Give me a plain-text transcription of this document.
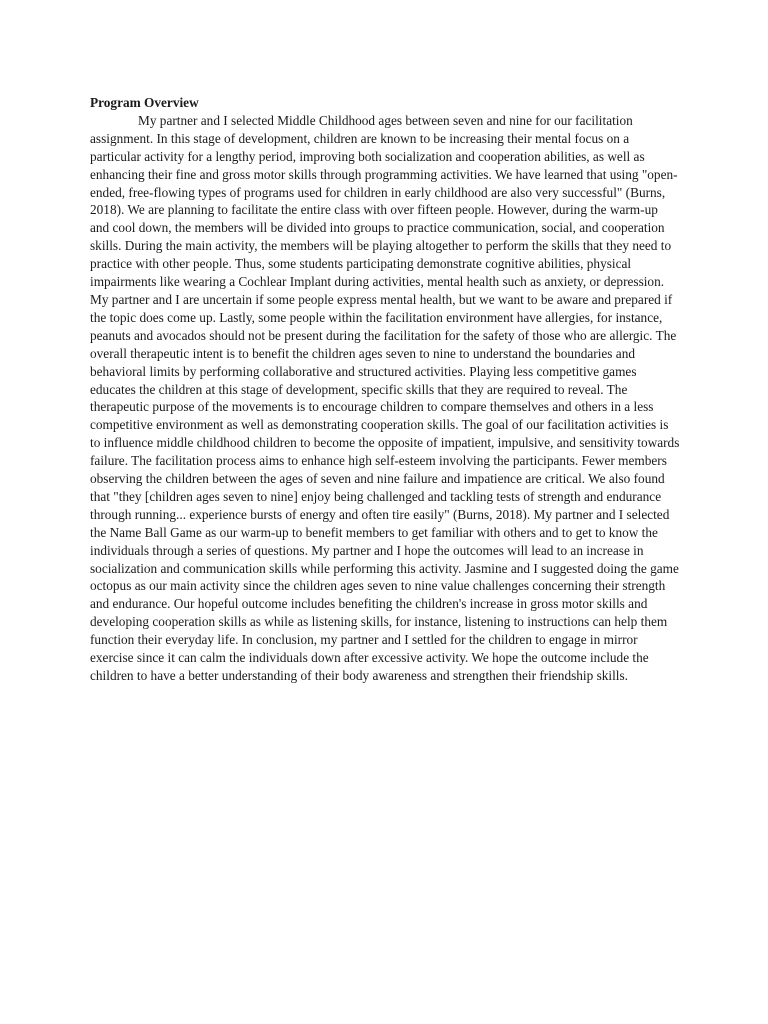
Program Overview

My partner and I selected Middle Childhood ages between seven and nine for our facilitation assignment. In this stage of development, children are known to be increasing their mental focus on a particular activity for a lengthy period, improving both socialization and cooperation abilities, as well as enhancing their fine and gross motor skills through programming activities. We have learned that using "open-ended, free-flowing types of programs used for children in early childhood are also very successful" (Burns, 2018). We are planning to facilitate the entire class with over fifteen people. However, during the warm-up and cool down, the members will be divided into groups to practice communication, social, and cooperation skills. During the main activity, the members will be playing altogether to perform the skills that they need to practice with other people. Thus, some students participating demonstrate cognitive abilities, physical impairments like wearing a Cochlear Implant during activities, mental health such as anxiety, or depression. My partner and I are uncertain if some people express mental health, but we want to be aware and prepared if the topic does come up. Lastly, some people within the facilitation environment have allergies, for instance, peanuts and avocados should not be present during the facilitation for the safety of those who are allergic. The overall therapeutic intent is to benefit the children ages seven to nine to understand the boundaries and behavioral limits by performing collaborative and structured activities. Playing less competitive games educates the children at this stage of development, specific skills that they are required to reveal. The therapeutic purpose of the movements is to encourage children to compare themselves and others in a less competitive environment as well as demonstrating cooperation skills. The goal of our facilitation activities is to influence middle childhood children to become the opposite of impatient, impulsive, and sensitivity towards failure. The facilitation process aims to enhance high self-esteem involving the participants. Fewer members observing the children between the ages of seven and nine failure and impatience are critical. We also found that "they [children ages seven to nine] enjoy being challenged and tackling tests of strength and endurance through running... experience bursts of energy and often tire easily" (Burns, 2018). My partner and I selected the Name Ball Game as our warm-up to benefit members to get familiar with others and to get to know the individuals through a series of questions. My partner and I hope the outcomes will lead to an increase in socialization and communication skills while performing this activity. Jasmine and I suggested doing the game octopus as our main activity since the children ages seven to nine value challenges concerning their strength and endurance. Our hopeful outcome includes benefiting the children's increase in gross motor skills and developing cooperation skills as while as listening skills, for instance, listening to instructions can help them function their everyday life. In conclusion, my partner and I settled for the children to engage in mirror exercise since it can calm the individuals down after excessive activity. We hope the outcome include the children to have a better understanding of their body awareness and strengthen their friendship skills.
